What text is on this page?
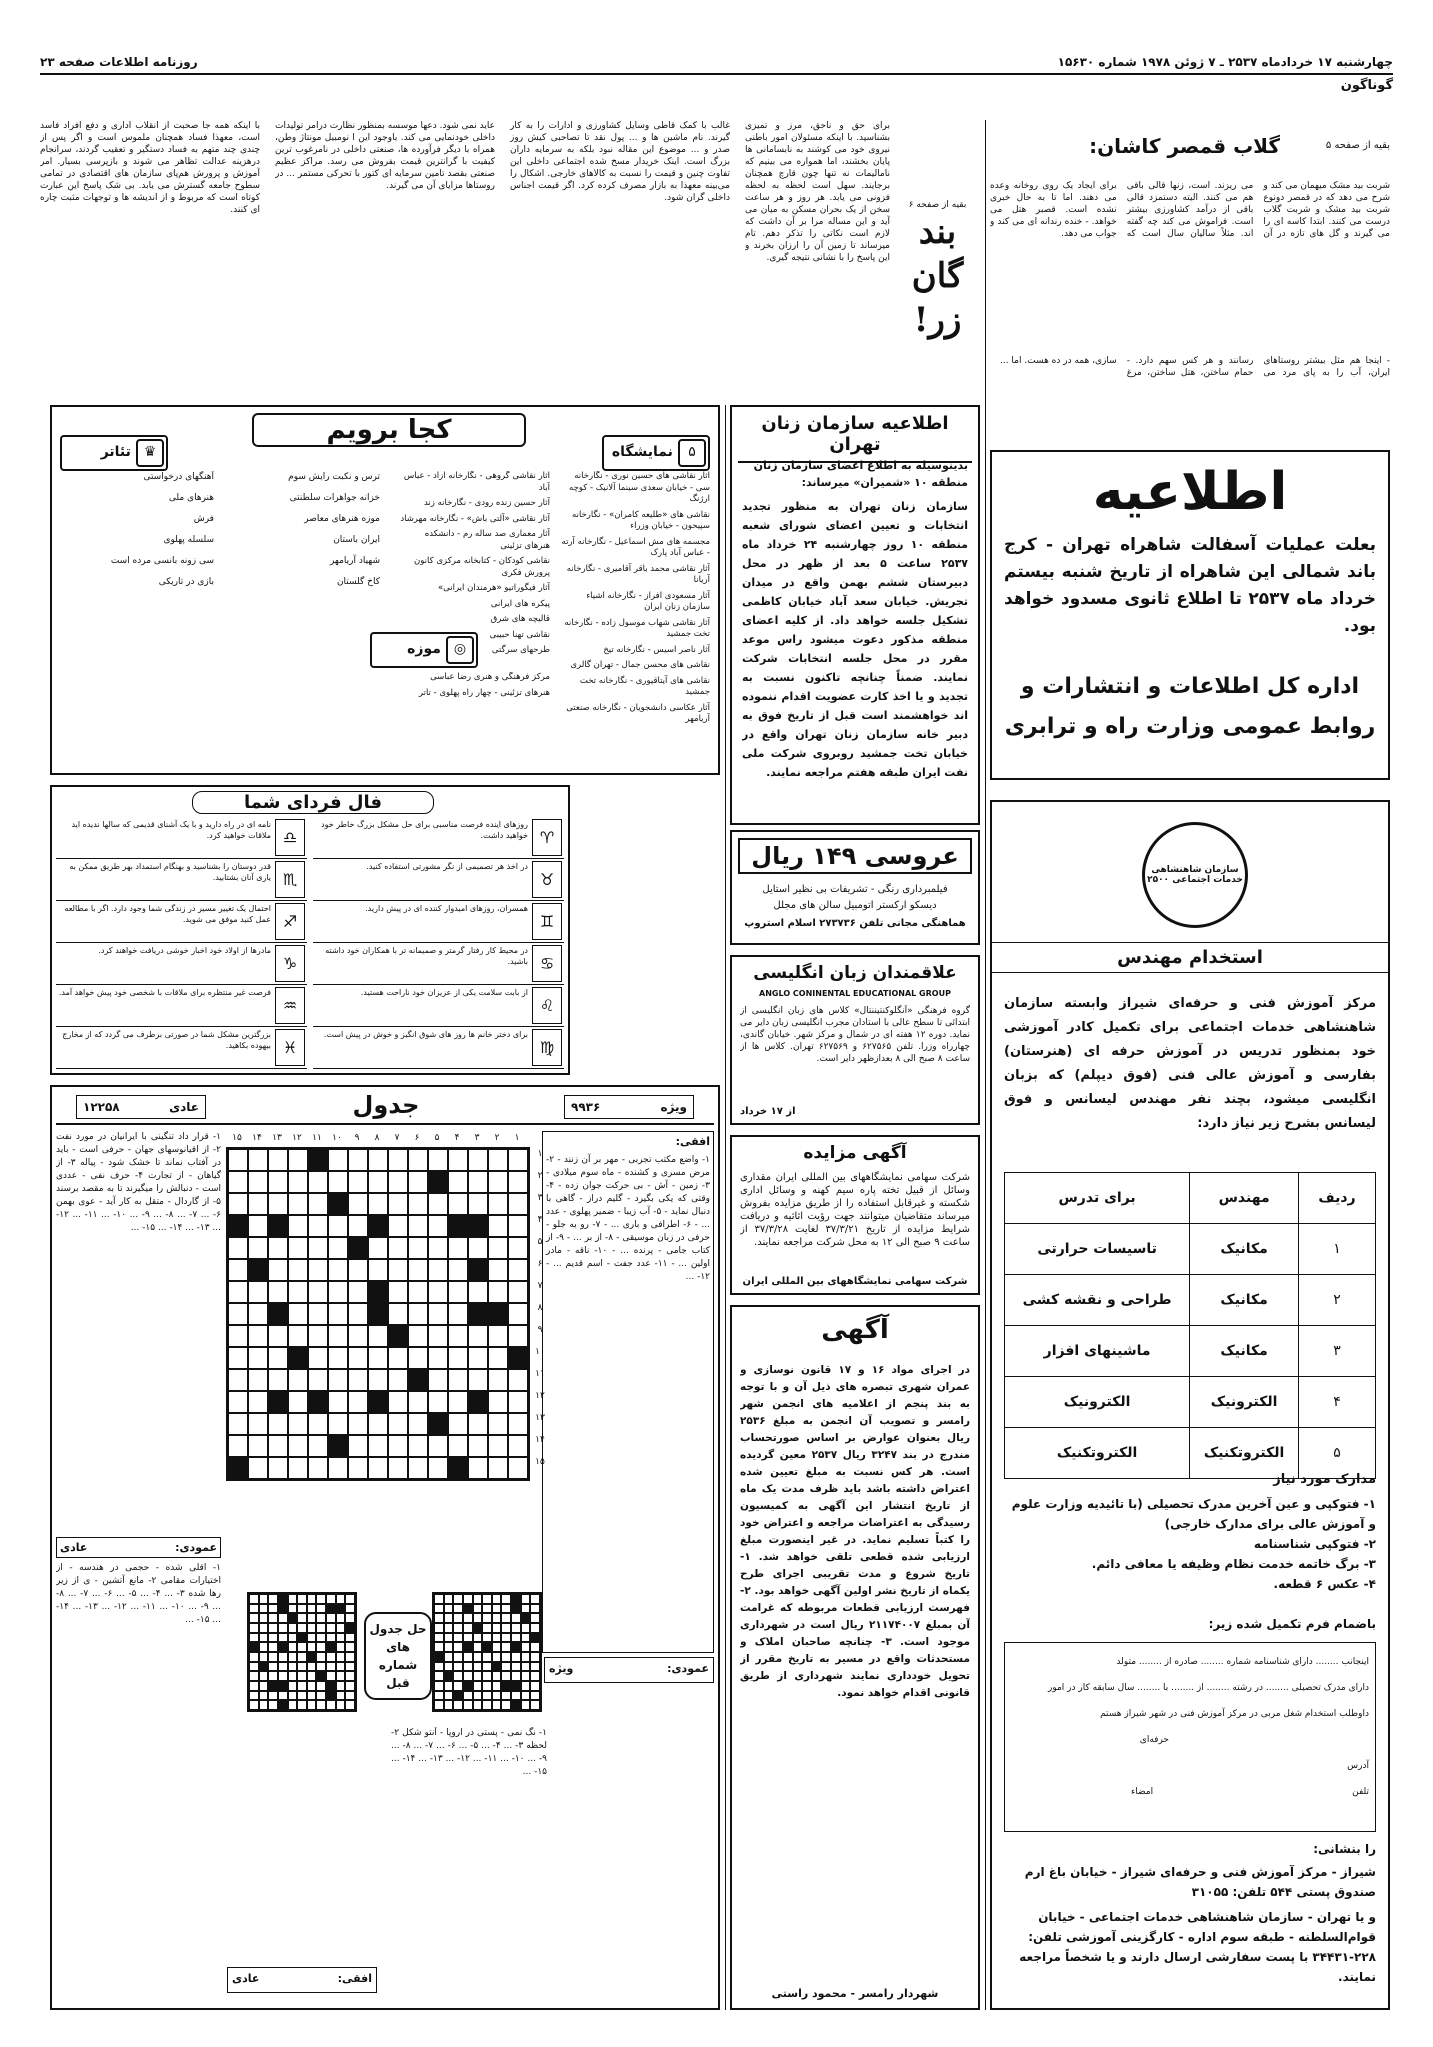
چهارشنبه ۱۷ خردادماه ۲۵۳۷ ـ ۷ ژوئن ۱۹۷۸ شماره ۱۵۶۳۰
روزنامه اطلاعات صفحه ۲۳
گوناگون
با اینکه همه جا صحبت از انقلاب اداری و دفع افراد فاسد است، معهذا فساد همچنان ملموس است و اگر پس از چندی چند متهم به فساد دستگیر و تعقیب گردند، سرانجام درهزینه عدالت تظاهر می شوند و بازپرسی بسیار. امر آموزش و پرورش هم‌پای سازمان های اقتصادی در تمامی سطوح جامعه گسترش می یابد. بی شک پاسخ این عبارت کوتاه است که مربوط و از اندیشه ها و توجهات مثبت چاره ای کنند.
عاید نمی شود. دعها موسسه بمنظور نظارت درامر تولیدات داخلی خودنمایی می کند. باوجود این ا نومبیل مونتاژ وطن، همراه با دیگر فرآورده ها، صنعتی داخلی در نامرغوب ترین کیفیت با گرانترین قیمت بفروش می رسد. مراکز عظیم صنعتی بقصد تامین سرمایه ای کتور با تحرکی مستمر ... در روستاها مزایای آن می گیرند.
غالب با کمک قاطی وسایل کشاورزی و ادارات را به کار گیرند. نام ماشین ها و ... پول نقد تا تصاحبی کیش روز صدر و ... موضوع این مقاله نبود بلکه به سرمایه داران بزرگ است. اینک خریدار مسخ شده اجتماعی داخلی این تفاوت چنین و قیمت را نسبت به کالاهای خارجی. اشکال را می‌بینه معهذا به بازار مصرف کرده کرد. اگر قیمت اجناس داخلی گران شود.
برای حق و ناحق، مرز و تمیزی بشناسید. با اینکه مسئولان امور باطنی نیروی خود می کوشند به نابسامانی ها پایان بخشند، اما همواره می بینیم که نامالیمات نه تنها چون قارچ همچنان برجایند. سهل است لحظه به لحظه فزونی می یابد. هر روز و هر ساعت سخن از یک بحران مسکن به میان می آید و این مساله مرا بر آن داشت که لازم است نکاتی را تذکر دهم. تام میرساند تا زمین آن را ارزان بخرند و این پاسخ را با نشانی نتیجه گیری.
بقیه از صفحه ۶
بند گان زر!
بقیه از صفحه ۵
گلاب قمصر کاشان:
شربت بید مشک میهمان می کند و شرح می دهد که در قمصر دونوع شربت بید مشک و شربت گلاب درست می کنند. ابتدا کاسه ای را می گیرند و گل های تازه در آن می ریزند. است، زنها قالی باقی هم می کنند. الیته دستمزد قالی باقی از درآمد کشاورزی بیشتر است. فراموش می کند چه گفته اند. مثلاً سالیان سال است که برای ایجاد یک روی روخانه وعده می دهند. اما تا به حال خبری نشده است. قصبر هتل می خواهد. - خنده رندانه ای می کند و جواب می دهد.
- اینجا هم مثل بیشتر روستاهای ایران، آب را به پای مرد می رسانند و هر کس سهم دارد. - حمام ساختن، هتل ساختن، مرغ سازی، همه در ده هست. اما ...
کجا برویم
۵ نمایشگاه
♛ تئاتر
آثار نقاشی های حسین نوری - نگارخانه سی - خیابان سعدی سینما آلانیک - کوچه ارژنگ
نقاشی های «طلیعه کامران» - نگارخانه سپیحون - خیابان وزراء
مجسمه های مش اسماعیل - نگارخانه آرته - عباس آباد پارک
آثار نقاشی محمد باقر آقامیری - نگارخانه آریانا
آثار مسعودی افراز - نگارخانه اشیاء سازمان زنان ایران
آثار نقاشی شهاب موسول زاده - نگارخانه تخت جمشید
آثار ناصر اسیس - نگارخانه تیخ
نقاشی های محسن جمال - تهران گالری
نقاشی های آیتاقیوری - نگارخانه تخت جمشید
آثار عکاسی دانشجویان - نگارخانه صنعتی آریامهر
آثار نقاشی گروهی - نگارخانه آزاد - عباس آباد
آثار حسین زنده رودی - نگارخانه زند
آثار نقاشی «آلتی باش» - نگارخانه مهرشاد
آثار معماری صد ساله رم - دانشکده هنرهای تزئینی
نقاشی کودکان - کتابخانه مرکزی کانون پرورش فکری
آثار فیگوراتیو «هرمندان ایرانی»
پیکره های ایرانی
قالیچه های شرق
نقاشی تهنا حبیبی
طرحهای سرگتی
◎ موزه
مرکز فرهنگی و هنری رضا عباسی
هنرهای تزئینی - چهار راه پهلوی - تاتر
ترس و نکبت رایش سوم
خزانه جواهرات سلطنتی
موزه هنرهای معاصر
ایران باستان
شهیاد آریامهر
کاخ گلستان
آهنگهای درخواستی
هنرهای ملی
فرش
سلسله پهلوی
سی زونه بانسی مرده است
بازی در تاریکی
فال فردای شما
♈
روزهای اینده فرصت مناسبی برای حل مشکل بزرگ خاطر خود خواهید داشت.
♉
در اخذ هر تصمیمی از نگر مشورتی استفاده کنید.
♊
همسران، روزهای امیدوار کننده ای در پیش دارید.
♋
در محیط کار رفتار گرمتر و صمیمانه تر با همکاران خود داشته باشید.
♌
از بابت سلامت یکی از عزیزان خود ناراحت هستید.
♍
برای دختر خانم ها روز های شوق انگیز و خوش در پیش است.
♎
نامه ای در راه دارید و با یک آشنای قدیمی که سالها ندیده اید ملاقات خواهید کرد.
♏
قدر دوستان را بشناسید و بهنگام استمداد بهر طریق ممکن به یاری آنان بشتابید.
♐
احتمال یک تغییر مسیر در زندگی شما وجود دارد. اگر با مطالعه عمل کنید موفق می شوید.
♑
مادرها از اولاد خود اخبار خوشی دریافت خواهند کرد.
♒
فرصت غیر منتظره برای ملاقات با شخصی خود پیش خواهد آمد.
♓
بزرگترین مشکل شما در صورتی برطرف می گردد که از مخارج بیهوده بکاهید.
اطلاعیه سازمان زنان تهران
بدینوسیله به اطلاع اعضای سازمان زنان منطقه ۱۰ «شمیران» میرساند:
سازمان زنان تهران به منظور تجدید انتخابات و تعیین اعضای شورای شعبه منطقه ۱۰ روز چهارشنبه ۲۴ خرداد ماه ۲۵۳۷ ساعت ۵ بعد از ظهر در محل دبیرستان ششم بهمن واقع در میدان تجریش. خیابان سعد آباد خیابان کاظمی تشکیل جلسه خواهد داد. از کلیه اعضای منطقه مذکور دعوت میشود راس موعد مقرر در محل جلسه انتخابات شرکت نمایند. ضمناً چنانچه تاکنون نسبت به تجدید و یا اخذ کارت عضویت اقدام ننموده اند خواهشمند است قبل از تاریخ فوق به دبیر خانه سازمان زنان تهران واقع در خیابان تخت جمشید روبروی شرکت ملی نفت ایران طبقه هفتم مراجعه نمایند.
اطلاعیه
بعلت عملیات آسفالت شاهراه تهران - کرج باند شمالی این شاهراه از تاریخ شنبه بیستم خرداد ماه ۲۵۳۷ تا اطلاع ثانوی مسدود خواهد بود.
اداره کل اطلاعات و انتشارات و روابط عمومی وزارت راه و ترابری
عروسی ۱۴۹ ریال
فیلمبرداری رنگی - تشریفات بی نظیر استایل
دیسکو ارکستر اتومبیل سالن های مجلل
هماهنگی مجانی تلفن ۲۷۳۷۳۶ اسلام‌ استروپ
علاقمندان زبان انگلیسی
ANGLO CONINENTAL EDUCATIONAL GROUP
گروه فرهنگی «آنگلوکنتیننتال» کلاس های زبان انگلیسی از ابتدائی تا سطح عالی با استادان مجرب انگلیسی زبان دایر می نماید. دوره ۱۲ هفته ای در شمال و مرکز شهر. خیابان گاندی، چهارراه وزرا. تلفن ۶۲۷۵۶۵ و ۶۲۷۵۶۹ تهران. کلاس ها از ساعت ۸ صبح الی ۸ بعدازظهر دایر است.
از ۱۷ خرداد
آگهی مزایده
شرکت سهامی نمایشگاههای بین المللی ایران مقداری وسائل از قبیل تخته پاره سیم کهنه و وسائل اداری شکسته و غیرقابل استفاده را از طریق مزایده بفروش میرساند متقاضیان میتوانند جهت رؤیت اثاثیه و دریافت شرایط مزایده از تاریخ ۳۷/۳/۲۱ لغایت ۳۷/۳/۲۸ از ساعت ۹ صبح الی ۱۲ به محل شرکت مراجعه نمایند.
شرکت سهامی نمایشگاههای بین المللی ایران
آگهی
در اجرای مواد ۱۶ و ۱۷ قانون نوسازی و عمران شهری تبصره های ذیل آن و با توجه به بند پنجم از اعلامیه های انجمن شهر رامسر و تصویب آن انجمن به مبلغ ۲۵۳۶ ریال بعنوان عوارض بر اساس صورتحساب مندرج در بند ۳۲۴۷ ریال ۲۵۳۷ معین گردیده است. هر کس نسبت به مبلغ تعیین شده اعتراض داشته باشد باید ظرف مدت یک ماه از تاریخ انتشار این آگهی به کمیسیون رسیدگی به اعتراضات مراجعه و اعتراض خود را کتباً تسلیم نماید. در غیر اینصورت مبلغ ارزیابی شده قطعی تلقی خواهد شد. ۱- تاریخ شروع و مدت تقریبی اجرای طرح یکماه از تاریخ نشر اولین آگهی خواهد بود. ۲- فهرست ارزیابی قطعات مربوطه که غرامت آن بمبلغ ۲۱۱۷۴۰۰۷ ریال است در شهرداری موجود است. ۳- چنانچه صاحبان املاک و مستحدثات واقع در مسیر به تاریخ مقرر از تحویل خودداری نمایند شهرداری از طریق قانونی اقدام خواهد نمود.
شهردار رامسر - محمود راستی
سازمان شاهنشاهی خدمات اجتماعی ۲۵۰۰
استخدام مهندس
مرکز آموزش فنی و حرفه‌ای شیراز وابسته سازمان شاهنشاهی خدمات اجتماعی برای تکمیل کادر آموزشی خود بمنظور تدریس در آموزش حرفه ای (هنرستان) بفارسی و آموزش عالی فنی (فوق دیپلم) که بزبان انگلیسی میشود، بچند نفر مهندس لیسانس و فوق لیسانس بشرح زیر نیاز دارد:
ردیف	مهندس	برای تدرس
۱	مکانیک	تاسیسات حرارتی
۲	مکانیک	طراحی و نقشه کشی
۳	مکانیک	ماشینهای افزار
۴	الکترونیک	الکترونیک
۵	الکتروتکنیک	الکتروتکنیک
مدارک مورد نیاز
۱- فتوکپی و عین آخرین مدرک تحصیلی (با تائیدیه وزارت علوم و آموزش عالی برای مدارک خارجی)
۲- فتوکپی شناسنامه
۳- برگ خاتمه خدمت نظام وظیفه یا معافی دائم.
۴- عکس ۶ قطعه.
باضمام فرم تکمیل شده زیر:
اینجانب ........ دارای شناسنامه شماره ........ صادره از ........ متولد
دارای مدرک تحصیلی ........ در رشته ........ از ........ با ........ سال سابقه کار در امور
داوطلب استخدام شغل مربی در مرکز آموزش فنی در شهر شیراز هستم
حرفه‌ای
آدرس
تلفن
امضاء
را بنشانی:
شیراز - مرکز آموزش فنی و حرفه‌ای شیراز - خیابان باغ ارم صندوق پستی ۵۴۴ تلفن: ۳۱۰۵۵
و یا تهران - سازمان شاهنشاهی خدمات اجتماعی - خیابان قوام‌السلطنه - طبقه سوم اداره - کارگزینی آموزشی تلفن: ۲۲۸-۳۴۴۳۱ با پست سفارشی ارسال دارند و یا شخصاً مراجعه نمایند.
جدول	ویژه
۹۹۳۶
عادی
۱۲۲۵۸
۱
۲
۳
۴
۵
۶
۷
۸
۹
۱۰
۱۱
۱۲
۱۳
۱۴
۱۵
۱
۲
۳
۴
۵
۶
۷
۸
۹
۱۰
۱۱
۱۲
۱۳
۱۴
۱۵
افقی:
۱- واضع مکتب تجربی - مهر بر آن زنند - ۲- مرض مسری و کشنده - ماه سوم میلادی - ۳- زمین - آش - بی حرکت جوان زده - ۴- وقتی که یکی بگیرد - گلیم دراز - گاهی با دنبال نماید - ۵- آب زیبا - ضمیر پهلوی - عدد ... - ۶- اطرافی و باری ... - ۷- رو به جلو - حرفی در زبان موسیقی - ۸- از بر ... - ۹- از کتاب جامی - پرنده ... - ۱۰- ناقه - مادر اولین ... - ۱۱- عدد جفت - اسم قدیم ... - ۱۲- ...
۱- قرار داد تنگینی با ایرانیان در مورد نفت ۲- از اقیانوسهای جهان - حرفی است - باید در آفتاب نماند تا خشک شود - پیاله ۳- از گیاهان - از تجارت ۴- حرف نفی - عددی است - دنبالش را میگیرند تا به مقصد برسند ۵- از گاردال - متقل به کار آید - عوی بهمن ۶- ... ۷- ... ۸- ... ۹- ... ۱۰- ... ۱۱- ... ۱۲- ... ۱۳- ... ۱۴- ... ۱۵- ...
عمودی:
عادی
۱- اقلی شده - حجمی در هندسه - از اختیارات مقامی ۲- مانع آتشین - ی از زیر رها شده ۳- ... ۴- ... ۵- ... ۶- ... ۷- ... ۸- ... ۹- ... ۱۰- ... ۱۱- ... ۱۲- ... ۱۳- ... ۱۴- ... ۱۵- ...
حل جدول های شماره قبل
۱- نگ نمی - پستی در اروپا - آنتو شکل ۲- لحظه ۳- ... ۴- ... ۵- ... ۶- ... ۷- ... ۸- ... ۹- ... ۱۰- ... ۱۱- ... ۱۲- ... ۱۳- ... ۱۴- ... ۱۵- ...
افقی:
عادی
عمودی:
ویژه
